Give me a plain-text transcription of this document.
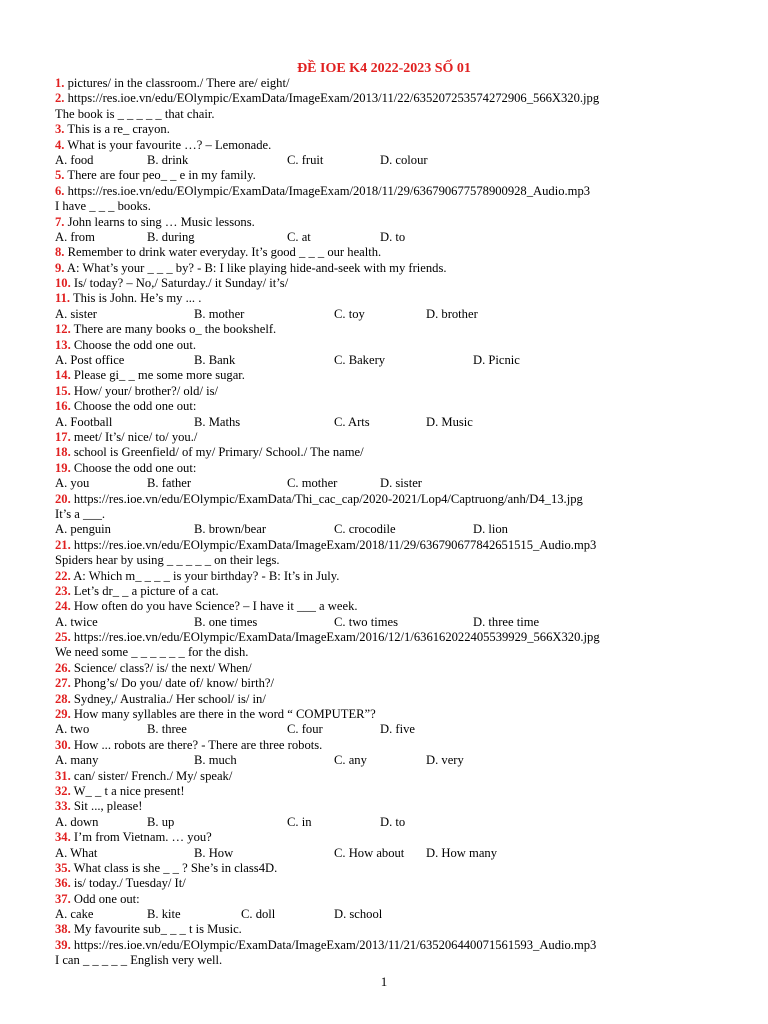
ĐỀ IOE K4 2022-2023 SỐ 01
1. pictures/ in the classroom./ There are/ eight/
2. https://res.ioe.vn/edu/EOlympic/ExamData/ImageExam/2013/11/22/635207253574272906_566X320.jpg
The book is _ _ _ _ _ that chair.
3. This is a re_ crayon.
4. What is your favourite …? – Lemonade.
A. food	B. drink	C. fruit	D. colour
5. There are four peo_ _ e in my family.
6. https://res.ioe.vn/edu/EOlympic/ExamData/ImageExam/2018/11/29/636790677578900928_Audio.mp3
I have _ _ _ books.
7. John learns to sing … Music lessons.
A. from	B. during	C. at	D. to
8. Remember to drink water everyday. It’s good _ _ _ our health.
9. A: What’s your _ _ _ by? - B: I like playing hide-and-seek with my friends.
10. Is/ today? – No,/ Saturday./ it Sunday/ it’s/
11. This is John. He’s my ... .
A. sister	B. mother	C. toy	D. brother
12. There are many books o_ the bookshelf.
13. Choose the odd one out.
A. Post office	B. Bank	C. Bakery	D. Picnic
14. Please gi_ _ me some more sugar.
15. How/ your/ brother?/ old/ is/
16. Choose the odd one out:
A. Football	B. Maths	C. Arts	D. Music
17. meet/ It’s/ nice/ to/ you./
18. school is Greenfield/ of my/ Primary/ School./ The name/
19. Choose the odd one out:
A. you	B. father	C. mother	D. sister
20. https://res.ioe.vn/edu/EOlympic/ExamData/Thi_cac_cap/2020-2021/Lop4/Captruong/anh/D4_13.jpg
It’s a ___.
A. penguin	B. brown/bear	C. crocodile	D. lion
21. https://res.ioe.vn/edu/EOlympic/ExamData/ImageExam/2018/11/29/636790677842651515_Audio.mp3
Spiders hear by using _ _ _ _ _ on their legs.
22. A: Which m_ _ _ _ is your birthday? - B: It’s in July.
23. Let’s dr_ _ a picture of a cat.
24. How often do you have Science? – I have it ___ a week.
A. twice	B. one times	C. two times	D. three time
25. https://res.ioe.vn/edu/EOlympic/ExamData/ImageExam/2016/12/1/636162022405539929_566X320.jpg
We need some _ _ _ _ _ _ for the dish.
26. Science/ class?/ is/ the next/ When/
27. Phong’s/ Do you/ date of/ know/ birth?/
28. Sydney,/ Australia./ Her school/ is/ in/
29. How many syllables are there in the word “ COMPUTER”?
A. two	B. three	C. four	D. five
30. How ... robots are there? - There are three robots.
A. many	B. much	C. any	D. very
31. can/ sister/ French./ My/ speak/
32. W_ _ t a nice present!
33. Sit ..., please!
A. down	B. up	C. in	D. to
34. I’m from Vietnam. … you?
A. What	B. How	C. How about D. How many
35. What class is she _ _ ? She’s in class4D.
36. is/ today./ Tuesday/ It/
37. Odd one out:
A. cake	B. kite	C. doll	D. school
38. My favourite sub_ _ _ t is Music.
39. https://res.ioe.vn/edu/EOlympic/ExamData/ImageExam/2013/11/21/635206440071561593_Audio.mp3
I can _ _ _ _ _ English very well.
1
